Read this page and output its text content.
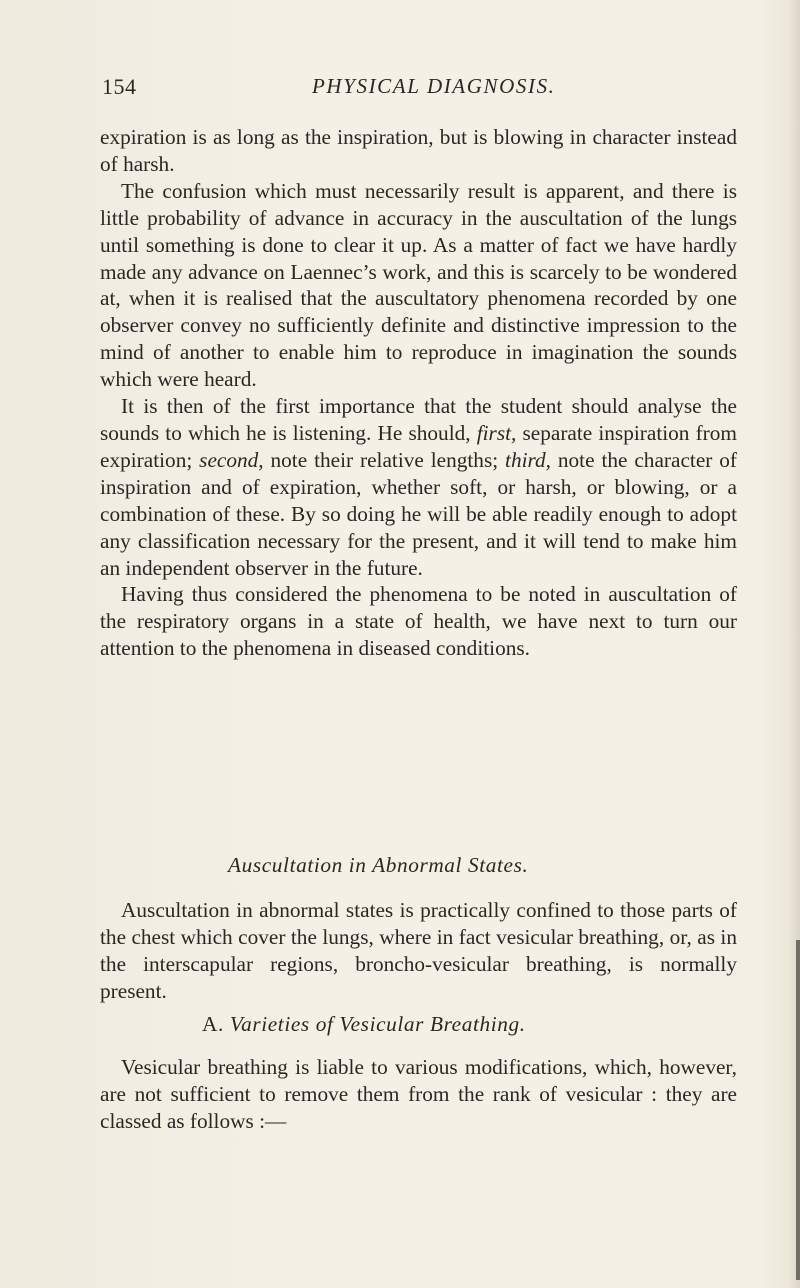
154	PHYSICAL DIAGNOSIS.

expiration is as long as the inspiration, but is blowing in character instead of harsh.

The confusion which must necessarily result is apparent, and there is little probability of advance in accuracy in the auscultation of the lungs until something is done to clear it up. As a matter of fact we have hardly made any advance on Laennec’s work, and this is scarcely to be wondered at, when it is realised that the auscultatory phenomena recorded by one observer convey no sufficiently definite and distinctive impression to the mind of another to enable him to reproduce in imagination the sounds which were heard.

It is then of the first importance that the student should analyse the sounds to which he is listening. He should, first, separate inspiration from expiration; second, note their relative lengths; third, note the character of inspiration and of expiration, whether soft, or harsh, or blowing, or a combination of these. By so doing he will be able readily enough to adopt any classification necessary for the present, and it will tend to make him an independent observer in the future.

Having thus considered the phenomena to be noted in auscultation of the respiratory organs in a state of health, we have next to turn our attention to the phenomena in diseased conditions.

Auscultation in Abnormal States.

Auscultation in abnormal states is practically confined to those parts of the chest which cover the lungs, where in fact vesicular breathing, or, as in the interscapular regions, broncho-vesicular breathing, is normally present.

A. Varieties of Vesicular Breathing.

Vesicular breathing is liable to various modifications, which, however, are not sufficient to remove them from the rank of vesicular : they are classed as follows :—
